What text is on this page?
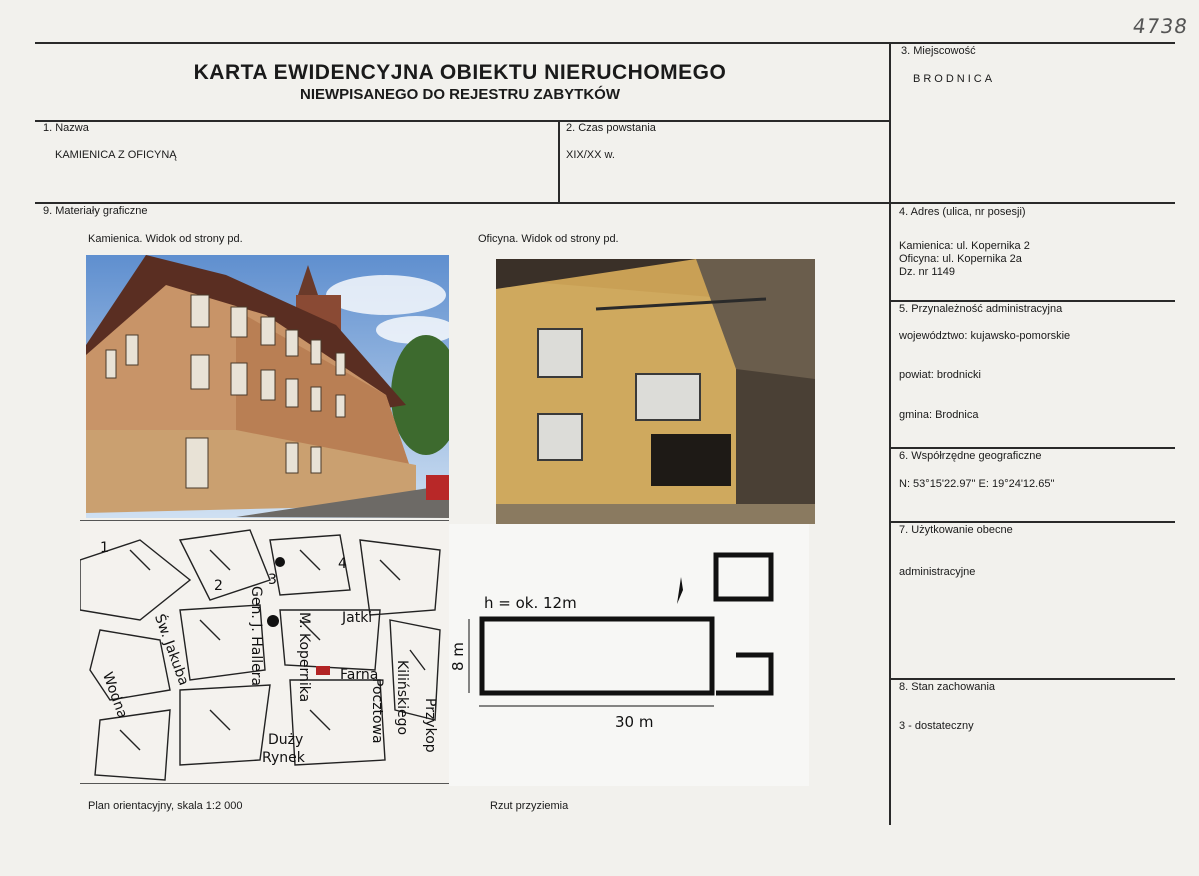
4738
KARTA EWIDENCYJNA OBIEKTU NIERUCHOMEGO
NIEWPISANEGO DO REJESTRU ZABYTKÓW
3. Miejscowość
BRODNICA
1. Nazwa
KAMIENICA Z OFICYNĄ
2. Czas powstania
XIX/XX w.
9. Materiały graficzne
Kamienica. Widok od strony pd.	Oficyna. Widok od strony pd.
Gen. J. Hallera M. Kopernika Jatki
Farna
Duży
Rynek
Św. Jakuba
Wodna	Kilińskiego Przykop
Pocztowa
1
2	3
4
h = ok. 12m
8 m
30 m
Plan orientacyjny, skala 1:2 000	Rzut przyziemia
4. Adres (ulica, nr posesji)
Kamienica: ul. Kopernika 2
Oficyna: ul. Kopernika 2a
Dz. nr 1149
5. Przynależność administracyjna
województwo: kujawsko-pomorskie
powiat: brodnicki
gmina: Brodnica
6. Współrzędne geograficzne
N: 53°15'22.97" E: 19°24'12.65"
7. Użytkowanie obecne
administracyjne
8. Stan zachowania
3 - dostateczny
